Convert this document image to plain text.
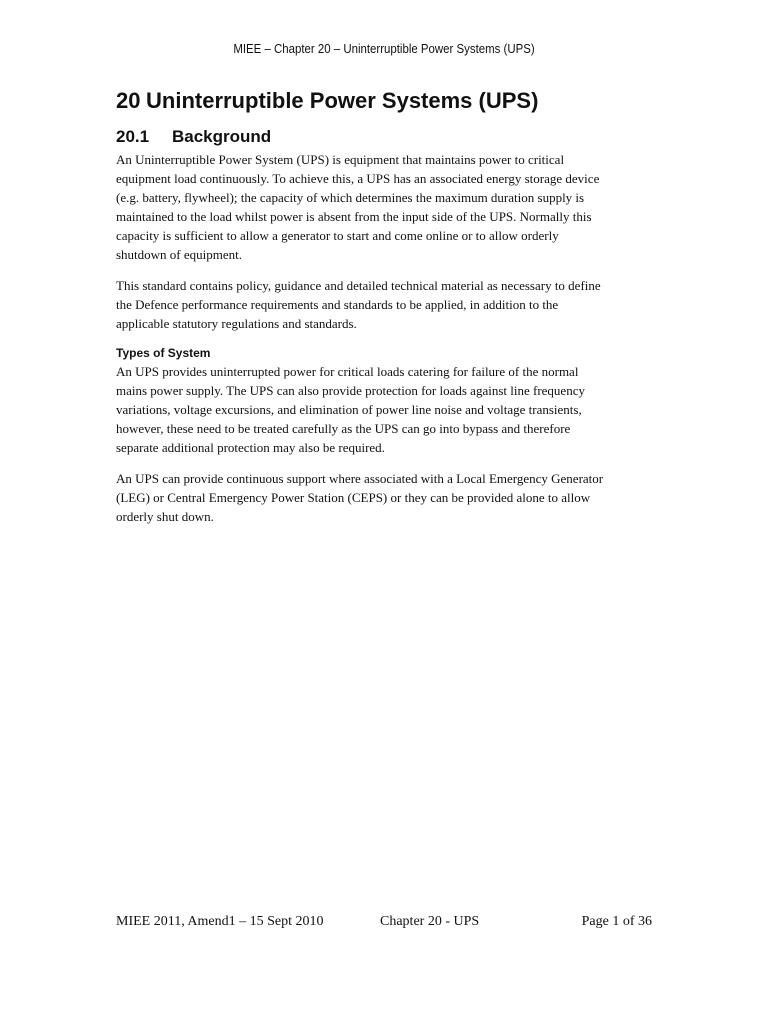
MIEE – Chapter 20 – Uninterruptible Power Systems (UPS)
20 Uninterruptible Power Systems (UPS)
20.1	Background
An Uninterruptible Power System (UPS) is equipment that maintains power to critical
equipment load continuously. To achieve this, a UPS has an associated energy storage device
(e.g. battery, flywheel); the capacity of which determines the maximum duration supply is
maintained to the load whilst power is absent from the input side of the UPS. Normally this
capacity is sufficient to allow a generator to start and come online or to allow orderly
shutdown of equipment.
This standard contains policy, guidance and detailed technical material as necessary to define
the Defence performance requirements and standards to be applied, in addition to the
applicable statutory regulations and standards.
Types of System
An UPS provides uninterrupted power for critical loads catering for failure of the normal
mains power supply. The UPS can also provide protection for loads against line frequency
variations, voltage excursions, and elimination of power line noise and voltage transients,
however, these need to be treated carefully as the UPS can go into bypass and therefore
separate additional protection may also be required.
An UPS can provide continuous support where associated with a Local Emergency Generator
(LEG) or Central Emergency Power Station (CEPS) or they can be provided alone to allow
orderly shut down.
MIEE 2011, Amend1 – 15 Sept 2010	Chapter 20 - UPS	Page 1 of 36
